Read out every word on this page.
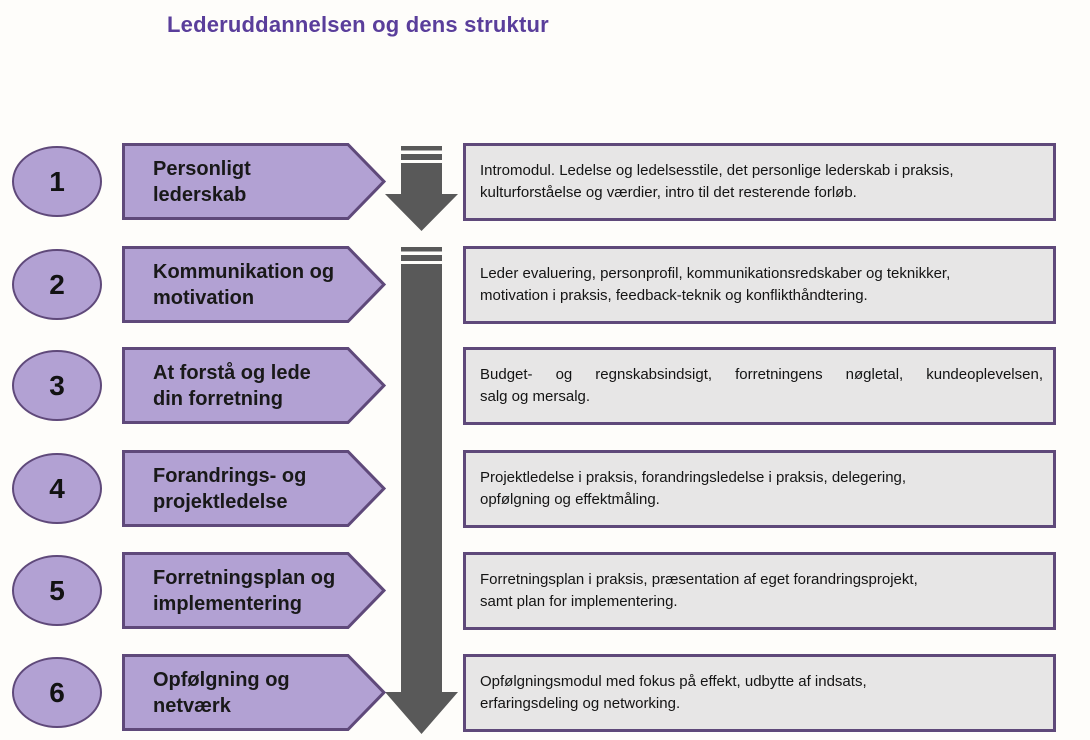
Lederuddannelsen og dens struktur
1	Personligt
lederskab

Intromodul. Ledelse og ledelsesstile, det personlige lederskab i praksis,
kulturforståelse og værdier, intro til det resterende forløb.

2	Kommunikation og
motivation

Leder evaluering, personprofil, kommunikationsredskaber og teknikker,
motivation i praksis, feedback-teknik og konflikthåndtering.

3	At forstå og lede
din forretning

Budget- og regnskabsindsigt, forretningens nøgletal, kundeoplevelsen,
salg og mersalg.

4	Forandrings- og
projektledelse

Projektledelse i praksis, forandringsledelse i praksis, delegering,
opfølgning og effektmåling.

5	Forretningsplan og
implementering

Forretningsplan i praksis, præsentation af eget forandringsprojekt,
samt plan for implementering.

6	Opfølgning og
netværk

Opfølgningsmodul med fokus på effekt, udbytte af indsats,
erfaringsdeling og networking.
